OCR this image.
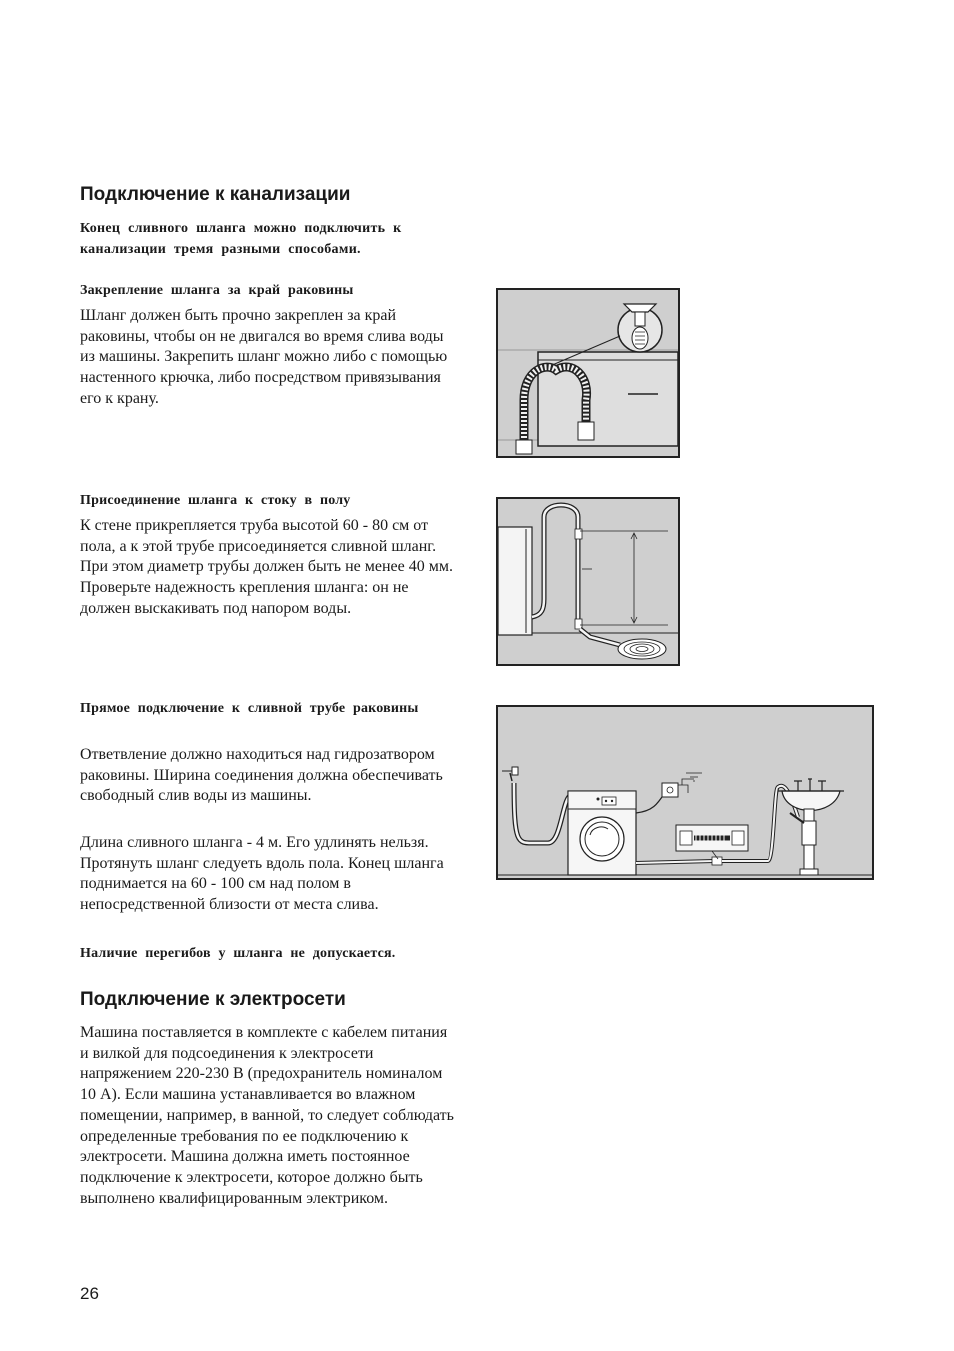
Подключение к канализации

Конец сливного шланга можно подключить к канализации тремя разными способами.

Закрепление шланга за край раковины

Шланг должен быть прочно закреплен за край раковины, чтобы он не двигался во время слива воды из машины. Закрепить шланг можно либо с помощью настенного крючка, либо посредством привязывания его к крану.

Присоединение шланга к стоку в полу

К стене прикрепляется труба высотой 60 - 80 см от пола, а к этой трубе присоединяется сливной шланг. При этом диаметр трубы должен быть не менее 40 мм. Проверьте надежность крепления шланга: он не должен выскакивать под напором воды.

Прямое подключение к сливной трубе раковины

Ответвление должно находиться над гидрозатвором раковины. Ширина соединения должна обеспечивать свободный слив воды из машины.

Длина сливного шланга - 4 м. Его удлинять нельзя. Протянуть шланг следуеть вдоль пола. Конец шланга поднимается на 60 - 100 см над полом в непосредственной близости от места слива.

Наличие перегибов у шланга не допускается.

Подключение к электросети

Машина поставляется в комплекте с кабелем питания и вилкой для подсоединения к электросети напряжением 220-230 В (предохранитель номиналом 10 А). Если машина устанавливается во влажном помещении, например, в ванной, то следует соблюдать определенные требования по ее подключению к электросети. Машина должна иметь постоянное подключение к электросети, которое должно быть выполнено квалифицированным электриком.

26
